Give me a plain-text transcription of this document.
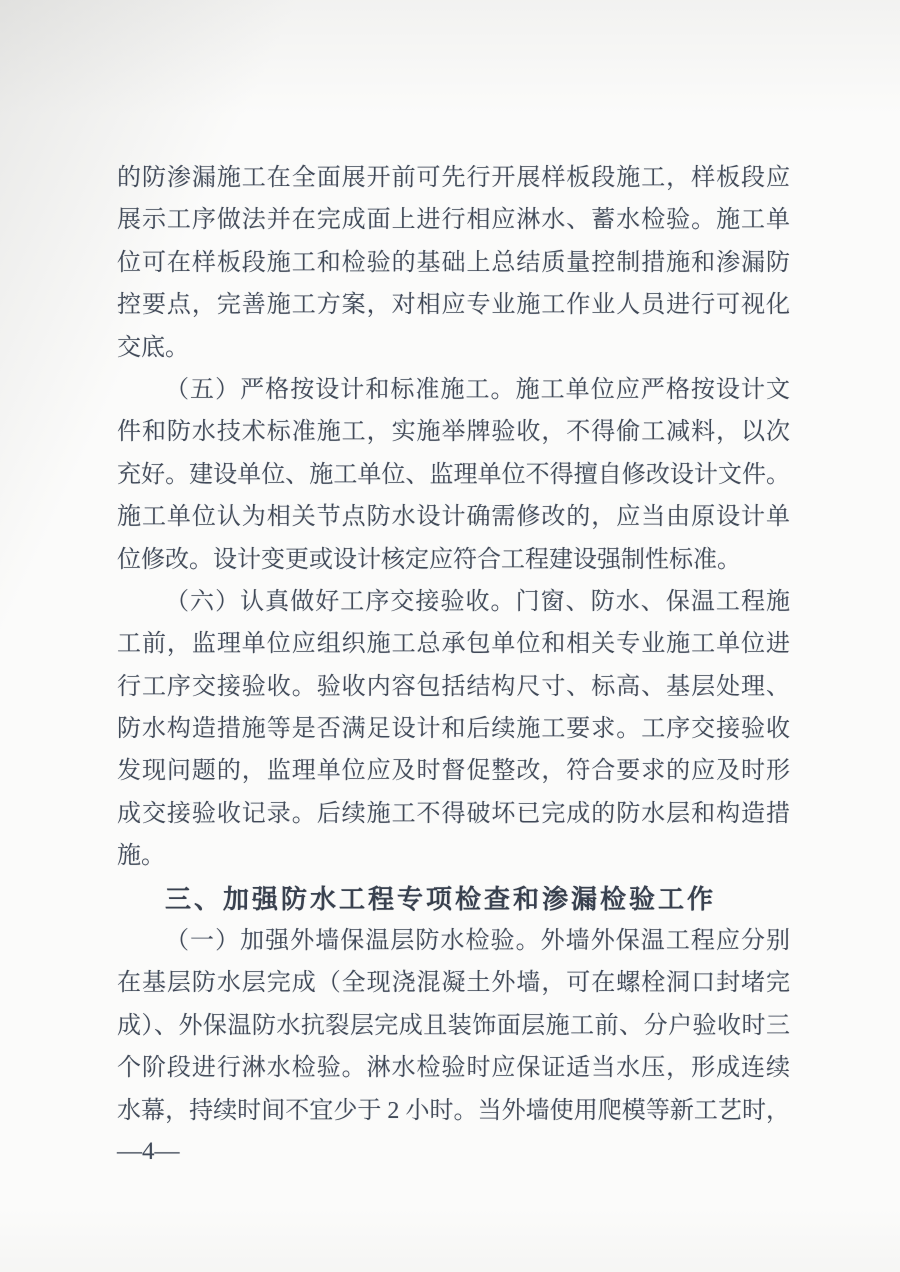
的防渗漏施工在全面展开前可先行开展样板段施工，样板段应
展示工序做法并在完成面上进行相应淋水、蓄水检验。施工单
位可在样板段施工和检验的基础上总结质量控制措施和渗漏防
控要点，完善施工方案，对相应专业施工作业人员进行可视化
交底。
（五）严格按设计和标准施工。施工单位应严格按设计文
件和防水技术标准施工，实施举牌验收，不得偷工减料，以次
充好。建设单位、施工单位、监理单位不得擅自修改设计文件。
施工单位认为相关节点防水设计确需修改的，应当由原设计单
位修改。设计变更或设计核定应符合工程建设强制性标准。
（六）认真做好工序交接验收。门窗、防水、保温工程施
工前，监理单位应组织施工总承包单位和相关专业施工单位进
行工序交接验收。验收内容包括结构尺寸、标高、基层处理、
防水构造措施等是否满足设计和后续施工要求。工序交接验收
发现问题的，监理单位应及时督促整改，符合要求的应及时形
成交接验收记录。后续施工不得破坏已完成的防水层和构造措
施。
三、加强防水工程专项检查和渗漏检验工作
（一）加强外墙保温层防水检验。外墙外保温工程应分别
在基层防水层完成（全现浇混凝土外墙，可在螺栓洞口封堵完
成）、外保温防水抗裂层完成且装饰面层施工前、分户验收时三
个阶段进行淋水检验。淋水检验时应保证适当水压，形成连续
水幕，持续时间不宜少于 2 小时。当外墙使用爬模等新工艺时，
—4—
